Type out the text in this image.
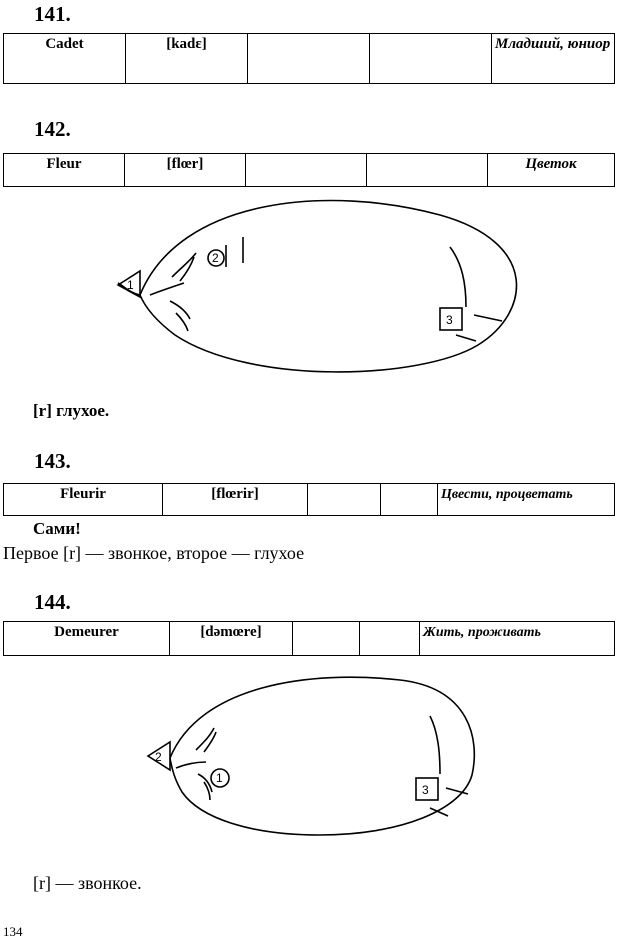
141.
Cadet	[kadɛ]			Младший, юниор
142.
Fleur	[flœr]			Цветок
1
2
3
[r] глухое.
143.
Fleurir	[flœrir]			Цвести, процветать
Сами!
Первое [r] — звонкое, второе — глухое
144.
Demeurer	[dəmœre]			Жить, проживать
2
1
3
[r] — звонкое.
134
